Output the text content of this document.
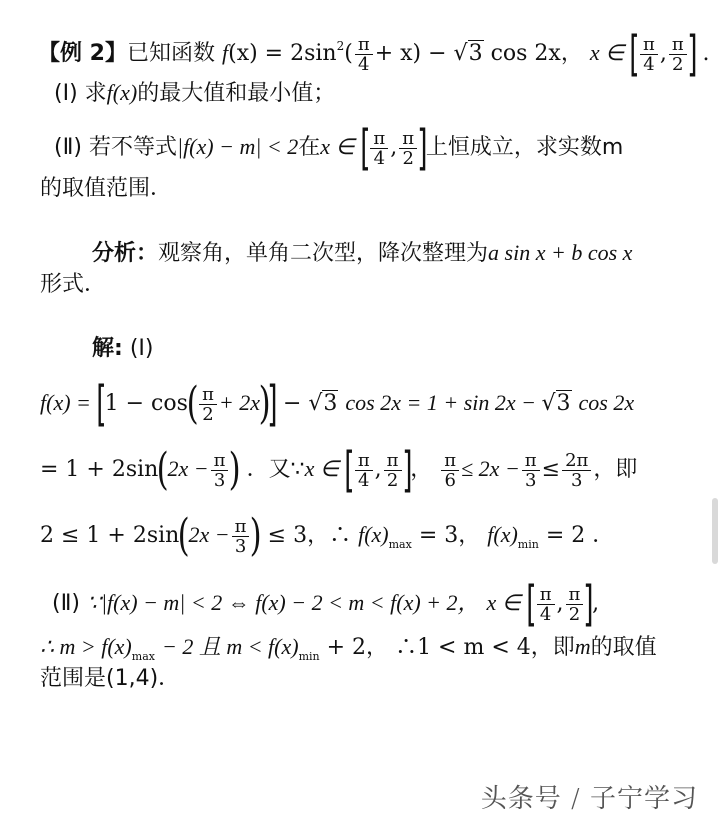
【例 2】已知函数 $f(x) = 2\sin^2( \frac{\pi}{4} + x) - √3$ cos 2x， x ∈ [ $\frac{\pi}{4}$ , $\frac{\pi}{2}$ ] .
(Ⅰ) 求f(x)的最大值和最小值；
(Ⅱ) 若不等式|f(x) − m| < 2在x ∈ [ $\frac{\pi}{4}$ , $\frac{\pi}{2}$ ]上恒成立，求实数m
的取值范围．
分析：观察角，单角二次型，降次整理为a sin x + b cos x
形式．
解: (Ⅰ)
$f(x) = [1 - \cos( \frac{\pi}{2} + 2x)] - √3$ cos 2x = 1 + sin 2x − √3 cos 2x
= $1 + 2\sin(2x - \frac{\pi}{3}$ ) ．又∵x ∈ [ $\frac{\pi}{4}$ , $\frac{\pi}{2}$ ]， $\frac{\pi}{6} \le 2x - \frac{\pi}{3} \le \frac{2\pi}{3}$ ，即
$2 \le 1 + 2\sin(2x - \frac{\pi}{3}$ ) ≤ 3，∴ $f(x)_{max} = 3$， $f(x)_{min} = 2$ ．
(Ⅱ) ∵|f(x) − m| < 2 ⇔ f(x) − 2 < m < f(x) + 2， x ∈ [ $\frac{\pi}{4}$ , $\frac{\pi}{2}$ ],
∴ $m > f(x)_{max} - 2$ 且 $m < f(x)_{min} + 2$， ∴1 < m < 4，即m的取值
范围是(1,4)．
头条号 / 子宁学习
